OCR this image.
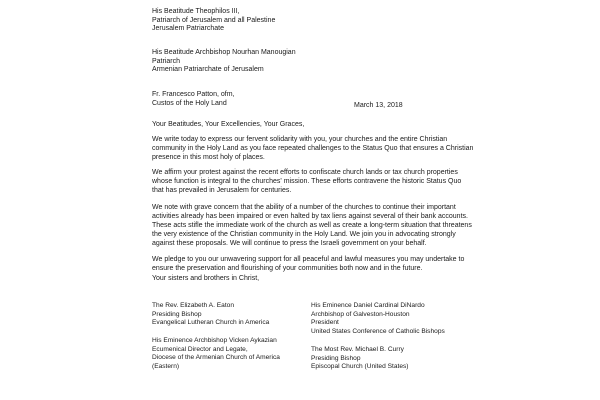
His Beatitude Theophilos III,
Patriarch of Jerusalem and all Palestine
Jerusalem Patriarchate
His Beatitude Archbishop Nourhan Manougian
Patriarch
Armenian Patriarchate of Jerusalem
Fr. Francesco Patton, ofm,
Custos of the Holy Land	March 13, 2018
Your Beatitudes, Your Excellencies, Your Graces,
We write today to express our fervent solidarity with you, your churches and the entire Christian
community in the Holy Land as you face repeated challenges to the Status Quo that ensures a Christian
presence in this most holy of places.
We affirm your protest against the recent efforts to confiscate church lands or tax church properties
whose function is integral to the churches' mission. These efforts contravene the historic Status Quo
that has prevailed in Jerusalem for centuries.
We note with grave concern that the ability of a number of the churches to continue their important
activities already has been impaired or even halted by tax liens against several of their bank accounts.
These acts stifle the immediate work of the church as well as create a long-term situation that threatens
the very existence of the Christian community in the Holy Land. We join you in advocating strongly
against these proposals. We will continue to press the Israeli government on your behalf.
We pledge to you our unwavering support for all peaceful and lawful measures you may undertake to
ensure the preservation and flourishing of your communities both now and in the future.
Your sisters and brothers in Christ,
The Rev. Elizabeth A. Eaton
Presiding Bishop
Evangelical Lutheran Church in America
His Eminence Archbishop Vicken Aykazian
Ecumenical Director and Legate,
Diocese of the Armenian Church of America
(Eastern)
His Eminence Daniel Cardinal DiNardo
Archbishop of Galveston-Houston
President
United States Conference of Catholic Bishops
The Most Rev. Michael B. Curry
Presiding Bishop
Episcopal Church (United States)
